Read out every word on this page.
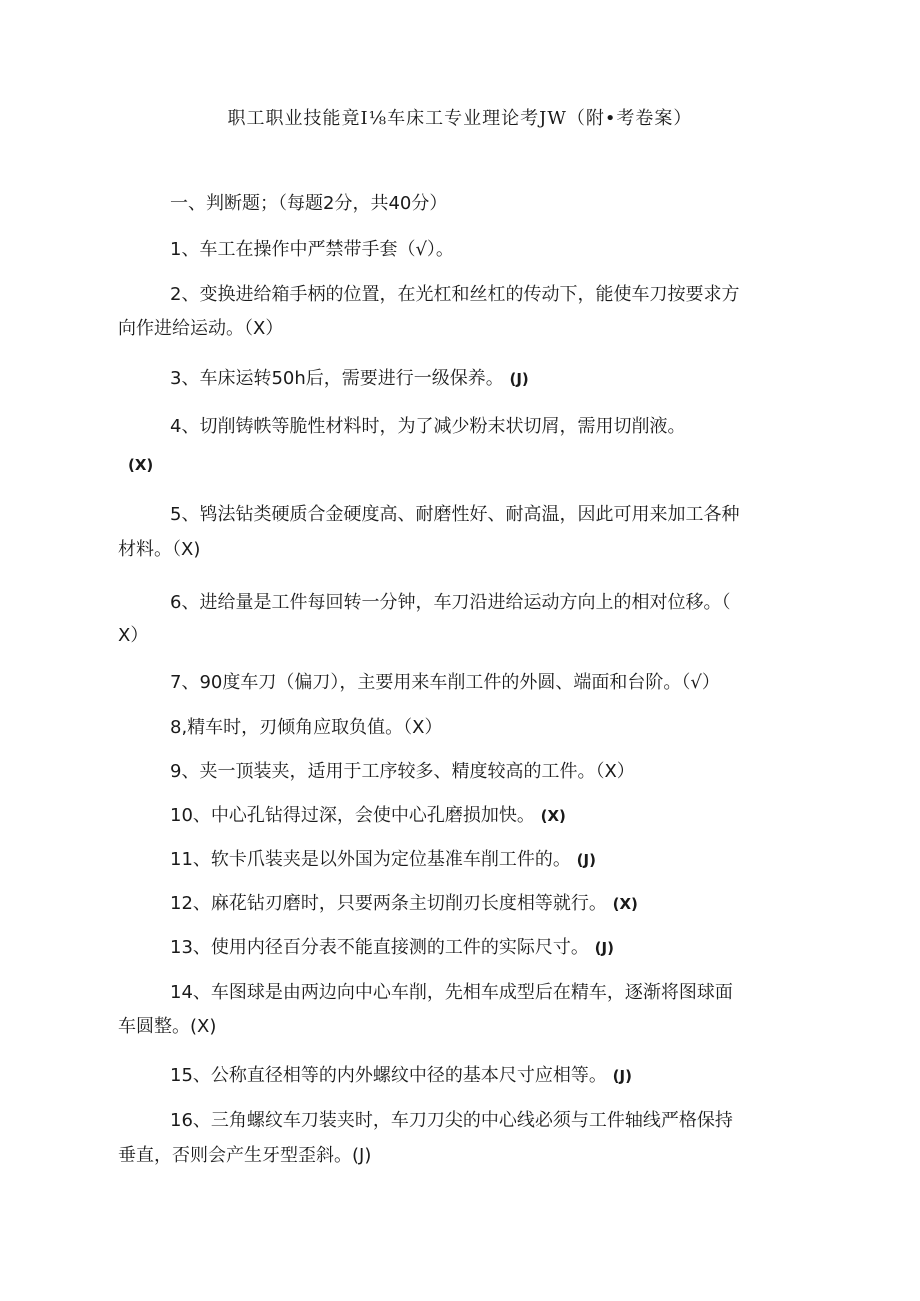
职工职业技能竟I⅛车床工专业理论考JW（附•考卷案）
一、判断题；（每题2分，共40分）
1、车工在操作中严禁带手套（√）。
2、变换进给箱手柄的位置，在光杠和丝杠的传动下，能使车刀按要求方
向作进给运动。（X）
3、车床运转50h后，需要进行一级保养。 (J)
4、切削铸帙等脆性材料时，为了减少粉末状切屑，需用切削液。
(X)
5、鸨法钻类硬质合金硬度高、耐磨性好、耐高温，因此可用来加工各种
材料。（X)
6、进给量是工件每回转一分钟，车刀沿进给运动方向上的相对位移。（
X）
7、90度车刀（偏刀），主要用来车削工件的外圆、端面和台阶。（√）
8,精车时，刃倾角应取负值。（X）
9、夹一顶装夹，适用于工序较多、精度较高的工件。（X）
10、中心孔钻得过深，会使中心孔磨损加快。 (X)
11、软卡爪装夹是以外国为定位基准车削工件的。 (J)
12、麻花钻刃磨时，只要两条主切削刃长度相等就行。 (X)
13、使用内径百分表不能直接测的工件的实际尺寸。 (J)
14、车图球是由两边向中心车削，先相车成型后在精车，逐渐将图球面
车圆整。(X)
15、公称直径相等的内外螺纹中径的基本尺寸应相等。 (J)
16、三角螺纹车刀装夹时，车刀刀尖的中心线必须与工件轴线严格保持
垂直，否则会产生牙型歪斜。(J)
